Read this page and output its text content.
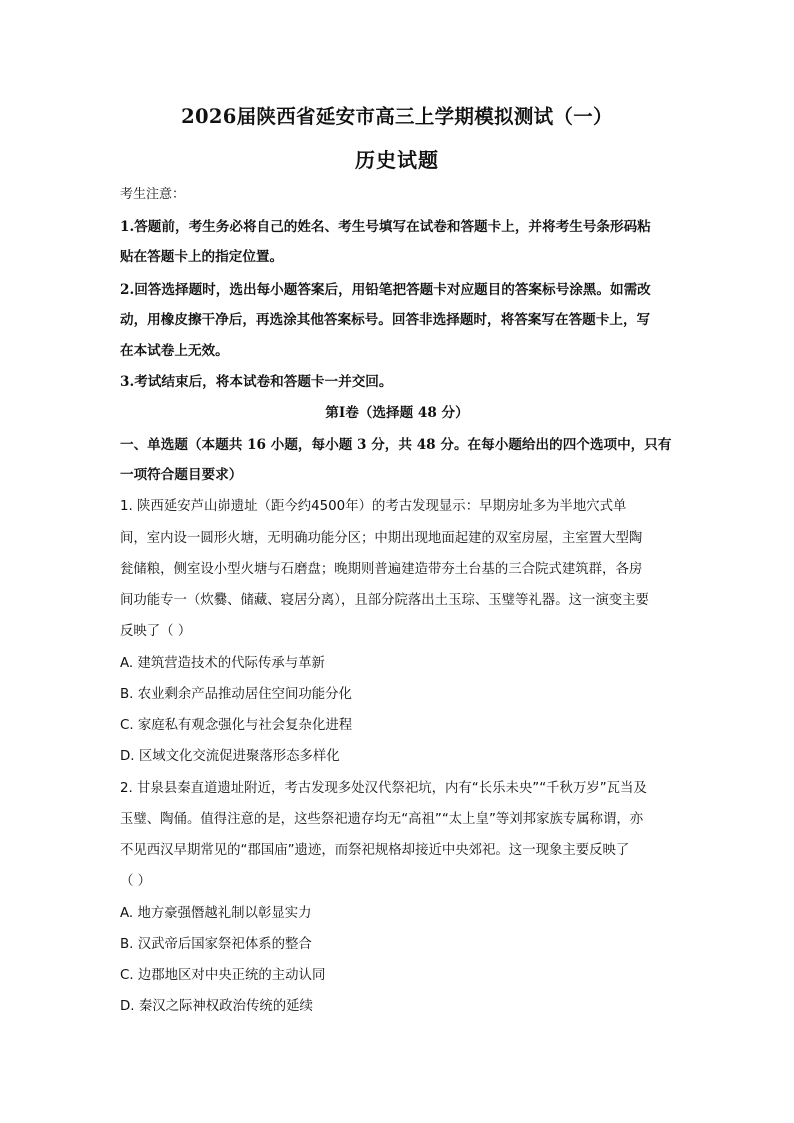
2026届陕西省延安市高三上学期模拟测试（一）
历史试题
考生注意：
1.答题前，考生务必将自己的姓名、考生号填写在试卷和答题卡上，并将考生号条形码粘
贴在答题卡上的指定位置。
2.回答选择题时，选出每小题答案后，用铅笔把答题卡对应题目的答案标号涂黑。如需改
动，用橡皮擦干净后，再选涂其他答案标号。回答非选择题时，将答案写在答题卡上，写
在本试卷上无效。
3.考试结束后，将本试卷和答题卡一并交回。
第Ⅰ卷（选择题 48 分）
一、单选题（本题共 16 小题，每小题 3 分，共 48 分。在每小题给出的四个选项中，只有
一项符合题目要求）
1. 陕西延安芦山峁遗址（距今约4500年）的考古发现显示：早期房址多为半地穴式单
间，室内设一圆形火塘，无明确功能分区；中期出现地面起建的双室房屋，主室置大型陶
瓮储粮，侧室设小型火塘与石磨盘；晚期则普遍建造带夯土台基的三合院式建筑群，各房
间功能专一（炊爨、储藏、寝居分离），且部分院落出土玉琮、玉璧等礼器。这一演变主要
反映了（ ）
A. 建筑营造技术的代际传承与革新
B. 农业剩余产品推动居住空间功能分化
C. 家庭私有观念强化与社会复杂化进程
D. 区域文化交流促进聚落形态多样化
2. 甘泉县秦直道遗址附近，考古发现多处汉代祭祀坑，内有“长乐未央”“千秋万岁”瓦当及
玉璧、陶俑。值得注意的是，这些祭祀遗存均无“高祖”“太上皇”等刘邦家族专属称谓，亦
不见西汉早期常见的“郡国庙”遗迹，而祭祀规格却接近中央郊祀。这一现象主要反映了
（ ）
A. 地方豪强僭越礼制以彰显实力
B. 汉武帝后国家祭祀体系的整合
C. 边郡地区对中央正统的主动认同
D. 秦汉之际神权政治传统的延续
